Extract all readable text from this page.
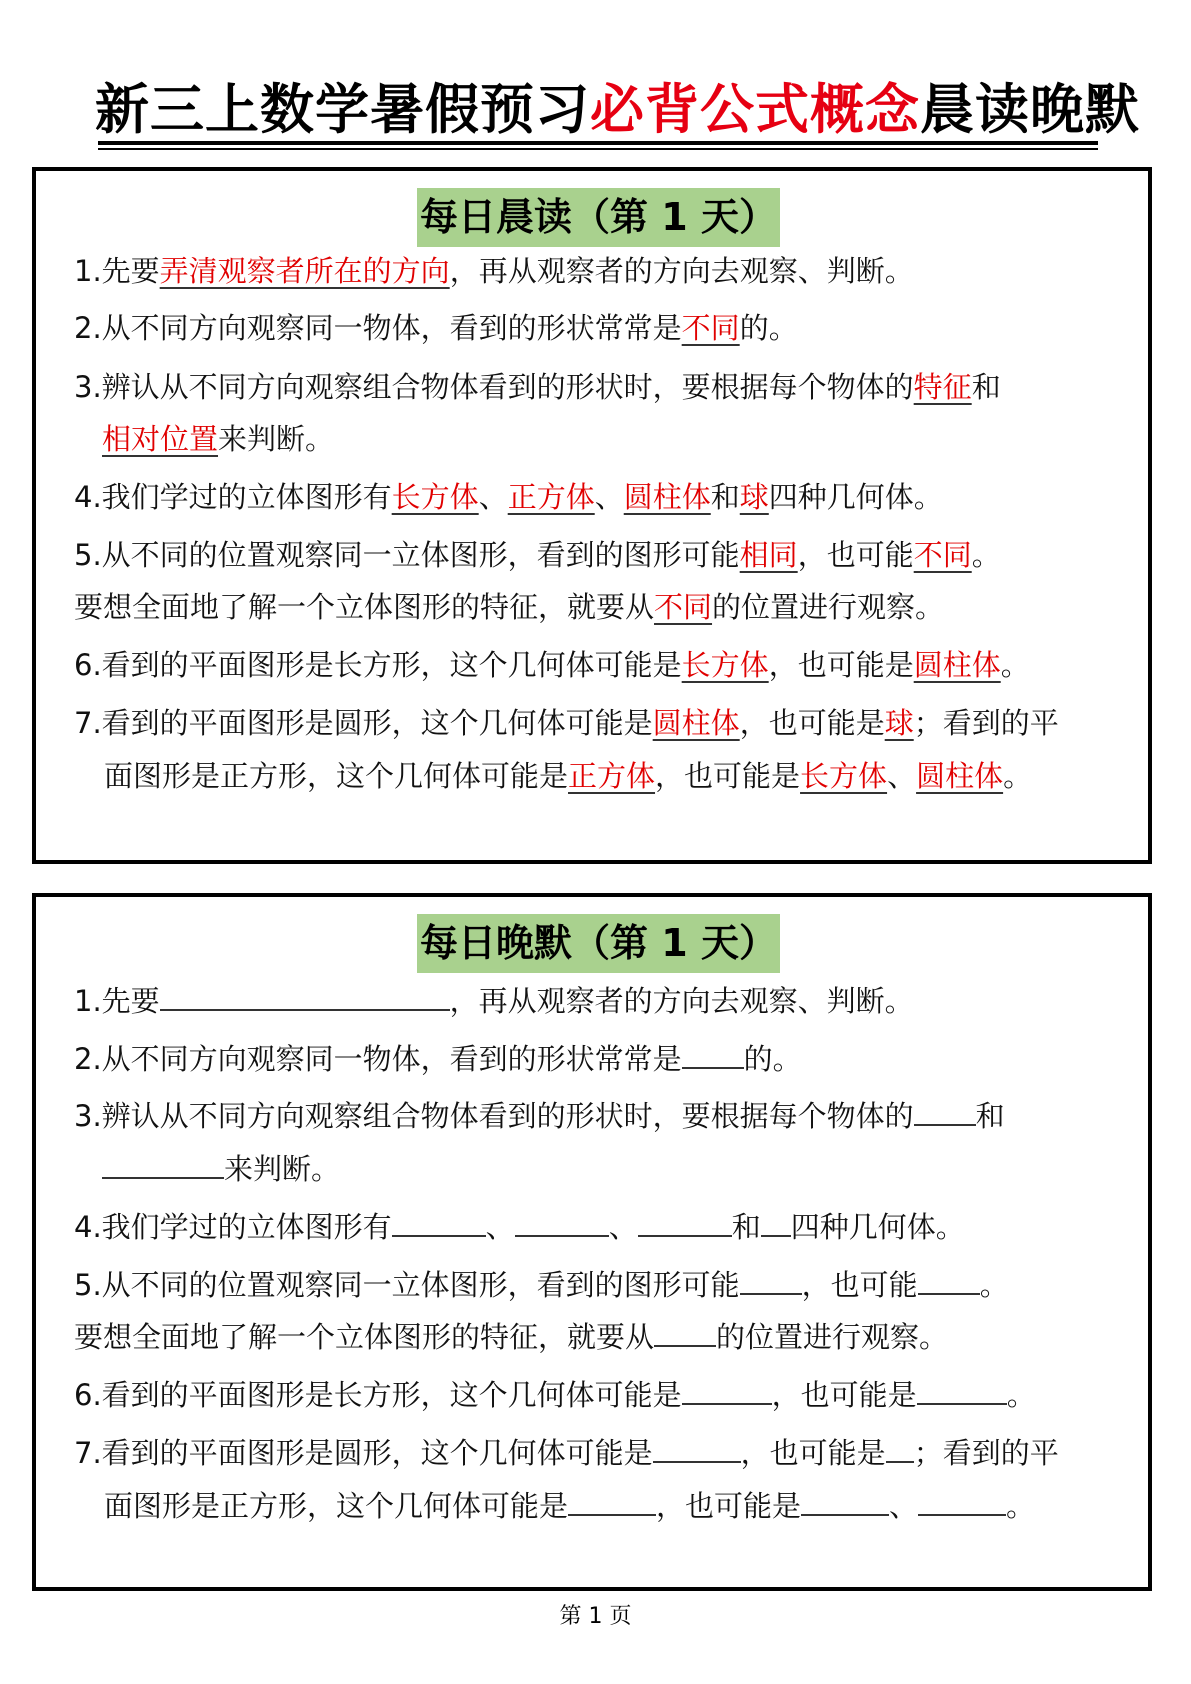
新三上数学暑假预习必背公式概念晨读晚默
每日晨读（第 1 天）
1.先要弄清观察者所在的方向，再从观察者的方向去观察、判断。
2.从不同方向观察同一物体，看到的形状常常是不同的。
3.辨认从不同方向观察组合物体看到的形状时，要根据每个物体的特征和
相对位置来判断。
4.我们学过的立体图形有长方体、正方体、圆柱体和球四种几何体。
5.从不同的位置观察同一立体图形，看到的图形可能相同，也可能不同。
要想全面地了解一个立体图形的特征，就要从不同的位置进行观察。
6.看到的平面图形是长方形，这个几何体可能是长方体，也可能是圆柱体。
7.看到的平面图形是圆形，这个几何体可能是圆柱体，也可能是球；看到的平
面图形是正方形，这个几何体可能是正方体，也可能是长方体、圆柱体。
每日晚默（第 1 天）
1.先要	，再从观察者的方向去观察、判断。
2.从不同方向观察同一物体，看到的形状常常是 的。
3.辨认从不同方向观察组合物体看到的形状时，要根据每个物体的 和
来判断。
4.我们学过的立体图形有	、	、	和 四种几何体。
5.从不同的位置观察同一立体图形，看到的图形可能 ，也可能 。
要想全面地了解一个立体图形的特征，就要从 的位置进行观察。
6.看到的平面图形是长方形，这个几何体可能是	，也可能是	。
7.看到的平面图形是圆形，这个几何体可能是	，也可能是 ；看到的平
面图形是正方形，这个几何体可能是	，也可能是	、	。
第 1 页
